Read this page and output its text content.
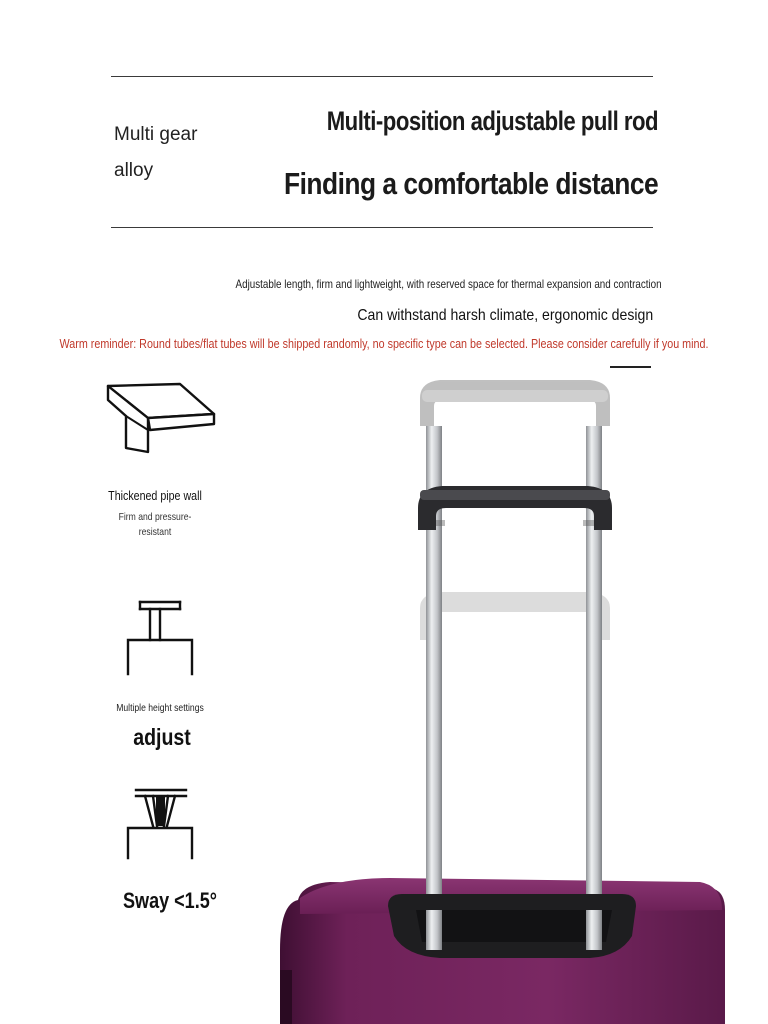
Multi gear
alloy
Multi-position adjustable pull rod
Finding a comfortable distance
Adjustable length, firm and lightweight, with reserved space for thermal expansion and contraction
Can withstand harsh climate, ergonomic design
Warm reminder: Round tubes/flat tubes will be shipped randomly, no specific type can be selected. Please consider carefully if you mind.
Thickened pipe wall
Firm and pressure-
resistant
Multiple height settings
adjust
Sway <1.5°
